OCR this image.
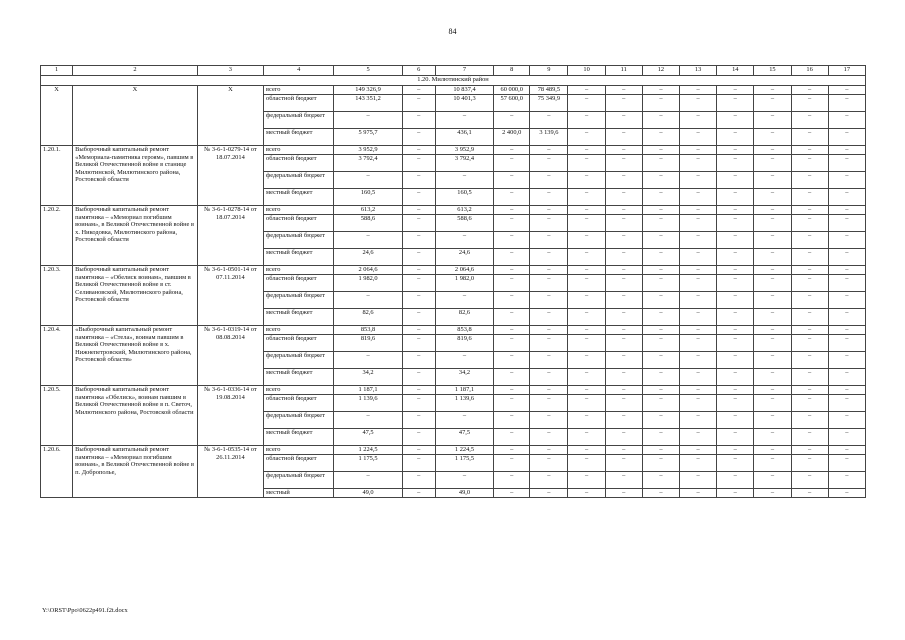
84
1	2	3	4	5	6	7	8	9	10	11	12	13	14	15	16	17
1.20. Милютинский район																
X	X	X	всего	149 326,9	–	10 837,4	60 000,0	78 489,5	–	–	–	–	–	–	–	–
			областной бюджет	143 351,2	–	10 401,3	57 600,0	75 349,9	–	–	–	–	–	–	–	–
			федеральный бюджет	–	–	–	–	–	–	–	–	–	–	–	–	–
			местный бюджет	5 975,7	–	436,1	2 400,0	3 139,6	–	–	–	–	–	–	–	–
1.20.1.	Выборочный капитальный ремонт «Мемориала-памятника героям», павшим в Великой Отечественной войне в станице Милютинской, Милютинского района, Ростовской области	№ 3-6-1-0279-14 от 18.07.2014	всего	3 952,9	–	3 952,9	–	–	–	–	–	–	–	–	–	–
			областной бюджет	3 792,4	–	3 792,4	–	–	–	–	–	–	–	–	–	–
			федеральный бюджет	–	–	–	–	–	–	–	–	–	–	–	–	–
			местный бюджет	160,5	–	160,5	–	–	–	–	–	–	–	–	–	–
1.20.2.	Выборочный капитальный ремонт памятника – «Мемориал погибшим воинам», в Великой Отечественной войне в х. Никодовка, Милютинского района, Ростовской области	№ 3-6-1-0278-14 от 18.07.2014	всего	613,2	–	613,2	–	–	–	–	–	–	–	–	–	–
			областной бюджет	588,6	–	588,6	–	–	–	–	–	–	–	–	–	–
			федеральный бюджет	–	–	–	–	–	–	–	–	–	–	–	–	–
			местный бюджет	24,6	–	24,6	–	–	–	–	–	–	–	–	–	–
1.20.3.	Выборочный капитальный ремонт памятника – «Обелиск воинам», павшим в Великой Отечественной войне в ст. Селивановской, Милютинского района, Ростовской области	№ 3-6-1-0501-14 от 07.11.2014	всего	2 064,6	–	2 064,6	–	–	–	–	–	–	–	–	–	–
			областной бюджет	1 982,0	–	1 982,0	–	–	–	–	–	–	–	–	–	–
			федеральный бюджет	–	–	–	–	–	–	–	–	–	–	–	–	–
			местный бюджет	82,6	–	82,6	–	–	–	–	–	–	–	–	–	–
1.20.4.	«Выборочный капитальный ремонт памятника – «Стела», воинам павшим в Великой Отечественной войне в х. Нижнепетровский, Милютинского района, Ростовской области»	№ 3-6-1-0319-14 от 08.08.2014	всего	853,8	–	853,8	–	–	–	–	–	–	–	–	–	–
			областной бюджет	819,6	–	819,6	–	–	–	–	–	–	–	–	–	–
			федеральный бюджет	–	–	–	–	–	–	–	–	–	–	–	–	–
			местный бюджет	34,2	–	34,2	–	–	–	–	–	–	–	–	–	–
1.20.5.	Выборочный капитальный ремонт памятника «Обелиск», воинам павшим в Великой Отечественной войне в п. Светоч, Милютинского района, Ростовской области	№ 3-6-1-0336-14 от 19.08.2014	всего	1 187,1	–	1 187,1	–	–	–	–	–	–	–	–	–	–
			областной бюджет	1 139,6	–	1 139,6	–	–	–	–	–	–	–	–	–	–
			федеральный бюджет	–	–	–	–	–	–	–	–	–	–	–	–	–
			местный бюджет	47,5	–	47,5	–	–	–	–	–	–	–	–	–	–
1.20.6.	Выборочный капитальный ремонт памятника – «Мемориал погибшим воинам», в Великой Отечественной войне в п. Доброполье,	№ 3-6-1-0535-14 от 26.11.2014	всего	1 224,5	–	1 224,5	–	–	–	–	–	–	–	–	–	–
			областной бюджет	1 175,5	–	1 175,5	–	–	–	–	–	–	–	–	–	–
			федеральный бюджет	–	–	–	–	–	–	–	–	–	–	–	–	–
			местный	49,0	–	49,0	–	–	–	–	–	–	–	–	–	–
Y:\ORST\Ppo\0622p491.f2t.docx
